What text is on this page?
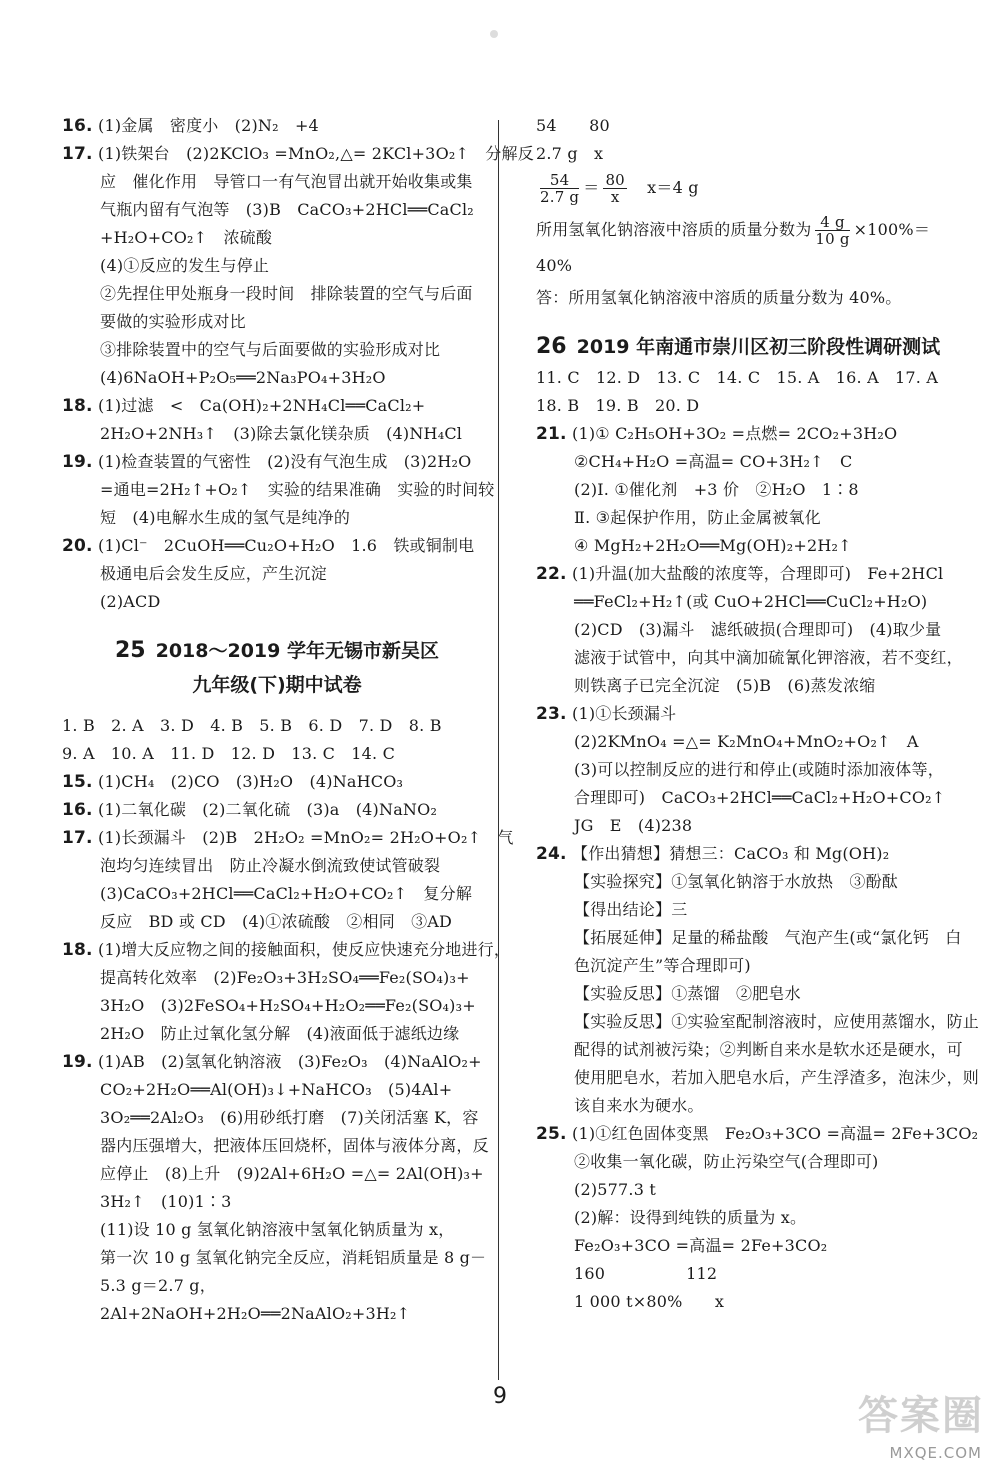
16. (1)金属　密度小　(2)N₂　+4
17. (1)铁架台　(2)2KClO₃ =MnO₂,△= 2KCl+3O₂↑　分解反
应　催化作用　导管口一有气泡冒出就开始收集或集
气瓶内留有气泡等　(3)B　CaCO₃+2HCl══CaCl₂
+H₂O+CO₂↑　浓硫酸
(4)①反应的发生与停止
②先捏住甲处瓶身一段时间　排除装置的空气与后面
要做的实验形成对比
③排除装置中的空气与后面要做的实验形成对比
(4)6NaOH+P₂O₅══2Na₃PO₄+3H₂O
18. (1)过滤　<　Ca(OH)₂+2NH₄Cl══CaCl₂+
2H₂O+2NH₃↑　(3)除去氯化镁杂质　(4)NH₄Cl
19. (1)检查装置的气密性　(2)没有气泡生成　(3)2H₂O
=通电=2H₂↑+O₂↑　实验的结果准确　实验的时间较
短　(4)电解水生成的氢气是纯净的
20. (1)Cl⁻　2CuOH══Cu₂O+H₂O　1.6　铁或铜制电
极通电后会发生反应，产生沉淀
(2)ACD
25 2018～2019 学年无锡市新吴区
九年级(下)期中试卷
1. B　2. A　3. D　4. B　5. B　6. D　7. D　8. B
9. A　10. A　11. D　12. D　13. C　14. C
15. (1)CH₄　(2)CO　(3)H₂O　(4)NaHCO₃
16. (1)二氧化碳　(2)二氧化硫　(3)a　(4)NaNO₂
17. (1)长颈漏斗　(2)B　2H₂O₂ =MnO₂= 2H₂O+O₂↑　气
泡均匀连续冒出　防止冷凝水倒流致使试管破裂
(3)CaCO₃+2HCl══CaCl₂+H₂O+CO₂↑　复分解
反应　BD 或 CD　(4)①浓硫酸　②相同　③AD
18. (1)增大反应物之间的接触面积，使反应快速充分地进行，
提高转化效率　(2)Fe₂O₃+3H₂SO₄══Fe₂(SO₄)₃+
3H₂O　(3)2FeSO₄+H₂SO₄+H₂O₂══Fe₂(SO₄)₃+
2H₂O　防止过氧化氢分解　(4)液面低于滤纸边缘
19. (1)AB　(2)氢氧化钠溶液　(3)Fe₂O₃　(4)NaAlO₂+
CO₂+2H₂O══Al(OH)₃↓+NaHCO₃　(5)4Al+
3O₂══2Al₂O₃　(6)用砂纸打磨　(7)关闭活塞 K，容
器内压强增大，把液体压回烧杯，固体与液体分离，反
应停止　(8)上升　(9)2Al+6H₂O =△= 2Al(OH)₃+
3H₂↑　(10)1∶3
(11)设 10 g 氢氧化钠溶液中氢氧化钠质量为 x，
第一次 10 g 氢氧化钠完全反应，消耗铝质量是 8 g－
5.3 g＝2.7 g，
2Al+2NaOH+2H₂O══2NaAlO₂+3H₂↑
54　　80
2.7 g　x
$\frac{54}{2.7 g} = \frac{80}{x}$
　 x＝4 g
所用氢氧化钠溶液中溶质的质量分数为 $\frac{4 g}{10 g} \times 100\%=$
40%
答：所用氢氧化钠溶液中溶质的质量分数为 40%。
26 2019 年南通市崇川区初三阶段性调研测试
11. C　12. D　13. C　14. C　15. A　16. A　17. A
18. B　19. B　20. D
21. (1)① C₂H₅OH+3O₂ =点燃= 2CO₂+3H₂O
②CH₄+H₂O =高温= CO+3H₂↑　C
(2)Ⅰ. ①催化剂　+3 价　②H₂O　1∶8
Ⅱ. ③起保护作用，防止金属被氧化
④ MgH₂+2H₂O══Mg(OH)₂+2H₂↑
22. (1)升温(加大盐酸的浓度等，合理即可)　Fe+2HCl
══FeCl₂+H₂↑(或 CuO+2HCl══CuCl₂+H₂O)
(2)CD　(3)漏斗　滤纸破损(合理即可)　(4)取少量
滤液于试管中，向其中滴加硫氰化钾溶液，若不变红，
则铁离子已完全沉淀　(5)B　(6)蒸发浓缩
23. (1)①长颈漏斗
(2)2KMnO₄ =△= K₂MnO₄+MnO₂+O₂↑　A
(3)可以控制反应的进行和停止(或随时添加液体等，
合理即可)　CaCO₃+2HCl══CaCl₂+H₂O+CO₂↑
JG　E　(4)238
24. 【作出猜想】猜想三：CaCO₃ 和 Mg(OH)₂
【实验探究】①氢氧化钠溶于水放热　③酚酞
【得出结论】三
【拓展延伸】足量的稀盐酸　气泡产生(或“氯化钙　白
色沉淀产生”等合理即可)
【实验反思】①蒸馏　②肥皂水
【实验反思】①实验室配制溶液时，应使用蒸馏水，防止
配得的试剂被污染；②判断自来水是软水还是硬水，可
使用肥皂水，若加入肥皂水后，产生浮渣多，泡沫少，则
该自来水为硬水。
25. (1)①红色固体变黑　Fe₂O₃+3CO =高温= 2Fe+3CO₂
②收集一氧化碳，防止污染空气(合理即可)
(2)577.3 t
(2)解：设得到纯铁的质量为 x。
Fe₂O₃+3CO =高温= 2Fe+3CO₂
160　　　　　112
1 000 t×80%　　x
9	答案圈
MXQE.COM
